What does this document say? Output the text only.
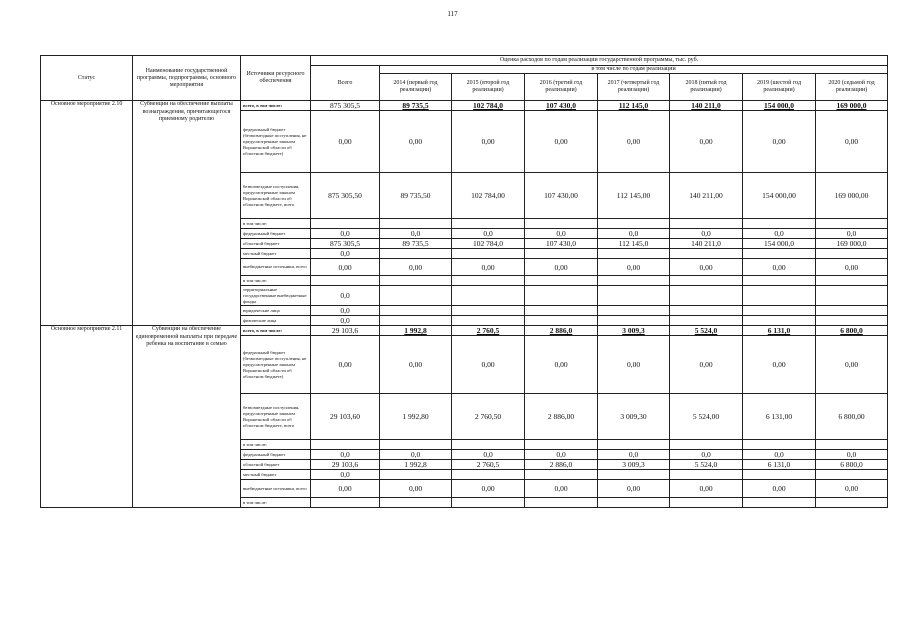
117
Статус	Наименование государственной программы, подпрограммы, основного мероприятия	Источники ресурсного обеспечения	Оценка расходов по годам реализации государственной программы, тыс. руб.							
			Всего	в том числе по годам реализации						
				2014 (первый год реализации)	2015 (второй год реализации)	2016 (третий год реализации)	2017 (четвертый год реализации)	2018 (пятый год реализации)	2019 (шестой год реализации)	2020 (седьмой год реализации)
Основное мероприятие 2.10	Субвенции на обеспечение выплаты вознаграждения, причитающегося приемному родителю	всего, в том числе:	875 305,5	89 735,5	102 784,0	107 430,0	112 145,0	140 211,0	154 000,0	169 000,0
		федеральный бюджет (безвозмездные поступления, не предусмотренные законом Воронежской области об областном бюджете)	0,00	0,00	0,00	0,00	0,00	0,00	0,00	0,00
		безвозмездные поступления, предусмотренные законом Воронежской области об областном бюджете, всего	875 305,50	89 735,50	102 784,00	107 430,00	112 145,00	140 211,00	154 000,00	169 000,00
		в том числе:								
		федеральный бюджет	0,0	0,0	0,0	0,0	0,0	0,0	0,0	0,0
		областной бюджет	875 305,5	89 735,5	102 784,0	107 430,0	112 145,0	140 211,0	154 000,0	169 000,0
		местный бюджет	0,0							
		внебюджетные источники, всего	0,00	0,00	0,00	0,00	0,00	0,00	0,00	0,00
		в том числе:								
		территориальные государственные внебюджетные фонды	0,0							
		юридические лица	0,0							
		физические лица	0,0							
Основное мероприятие 2.11	Субвенции на обеспечение единовременной выплаты при передаче ребенка на воспитание в семью	всего, в том числе:	29 103,6	1 992,8	2 760,5	2 886,0	3 009,3	5 524,0	6 131,0	6 800,0
		федеральный бюджет (безвозмездные поступления, не предусмотренные законом Воронежской области об областном бюджете)	0,00	0,00	0,00	0,00	0,00	0,00	0,00	0,00
		безвозмездные поступления, предусмотренные законом Воронежской области об областном бюджете, всего	29 103,60	1 992,80	2 760,50	2 886,00	3 009,30	5 524,00	6 131,00	6 800,00
		в том числе:								
		федеральный бюджет	0,0	0,0	0,0	0,0	0,0	0,0	0,0	0,0
		областной бюджет	29 103,6	1 992,8	2 760,5	2 886,0	3 009,3	5 524,0	6 131,0	6 800,0
		местный бюджет	0,0							
		внебюджетные источники, всего	0,00	0,00	0,00	0,00	0,00	0,00	0,00	0,00
		в том числе:								
